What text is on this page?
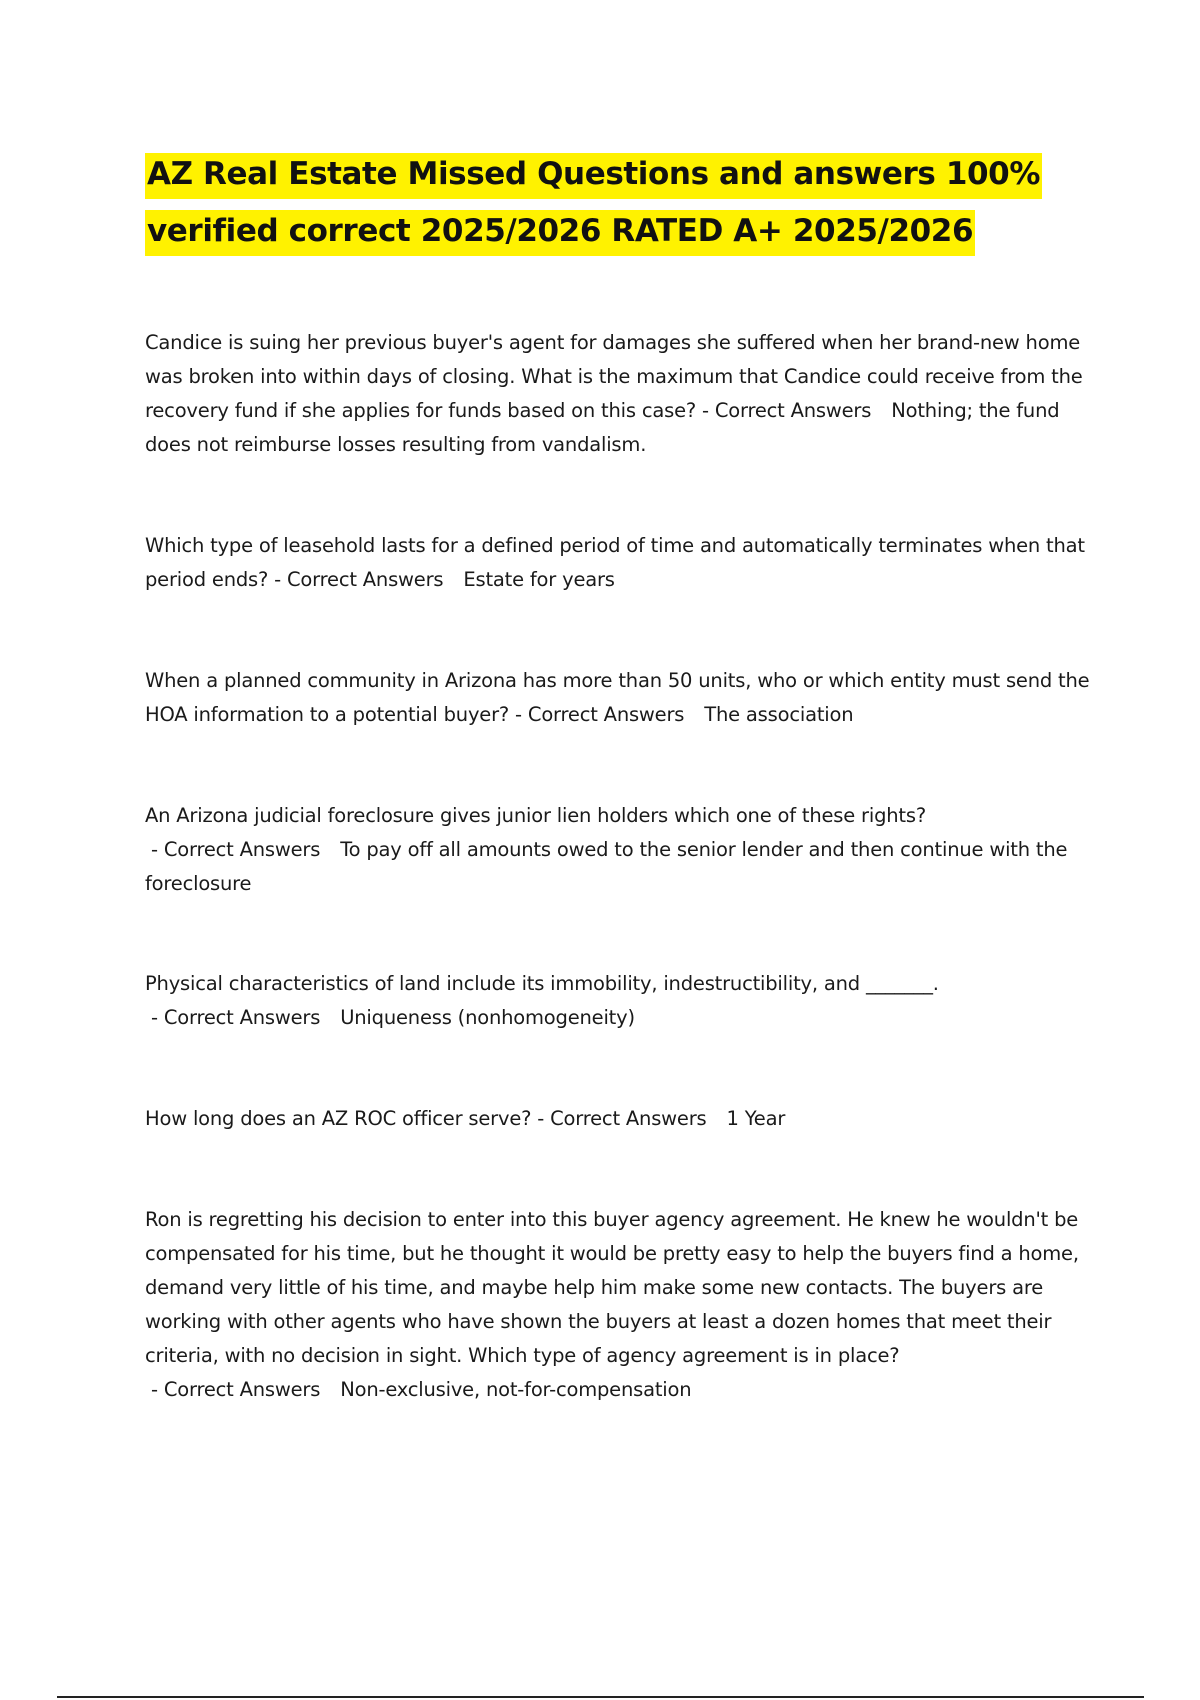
AZ Real Estate Missed Questions and answers 100% verified correct 2025/2026 RATED A+ 2025/2026

Candice is suing her previous buyer's agent for damages she suffered when her brand-new home was broken into within days of closing. What is the maximum that Candice could receive from the recovery fund if she applies for funds based on this case? - Correct Answers Nothing; the fund does not reimburse losses resulting from vandalism.

Which type of leasehold lasts for a defined period of time and automatically terminates when that period ends? - Correct Answers Estate for years

When a planned community in Arizona has more than 50 units, who or which entity must send the HOA information to a potential buyer? - Correct Answers The association

An Arizona judicial foreclosure gives junior lien holders which one of these rights? - Correct Answers To pay off all amounts owed to the senior lender and then continue with the foreclosure

Physical characteristics of land include its immobility, indestructibility, and _______. - Correct Answers Uniqueness (nonhomogeneity)

How long does an AZ ROC officer serve? - Correct Answers 1 Year

Ron is regretting his decision to enter into this buyer agency agreement. He knew he wouldn't be compensated for his time, but he thought it would be pretty easy to help the buyers find a home, demand very little of his time, and maybe help him make some new contacts. The buyers are working with other agents who have shown the buyers at least a dozen homes that meet their criteria, with no decision in sight. Which type of agency agreement is in place? - Correct Answers Non-exclusive, not-for-compensation
